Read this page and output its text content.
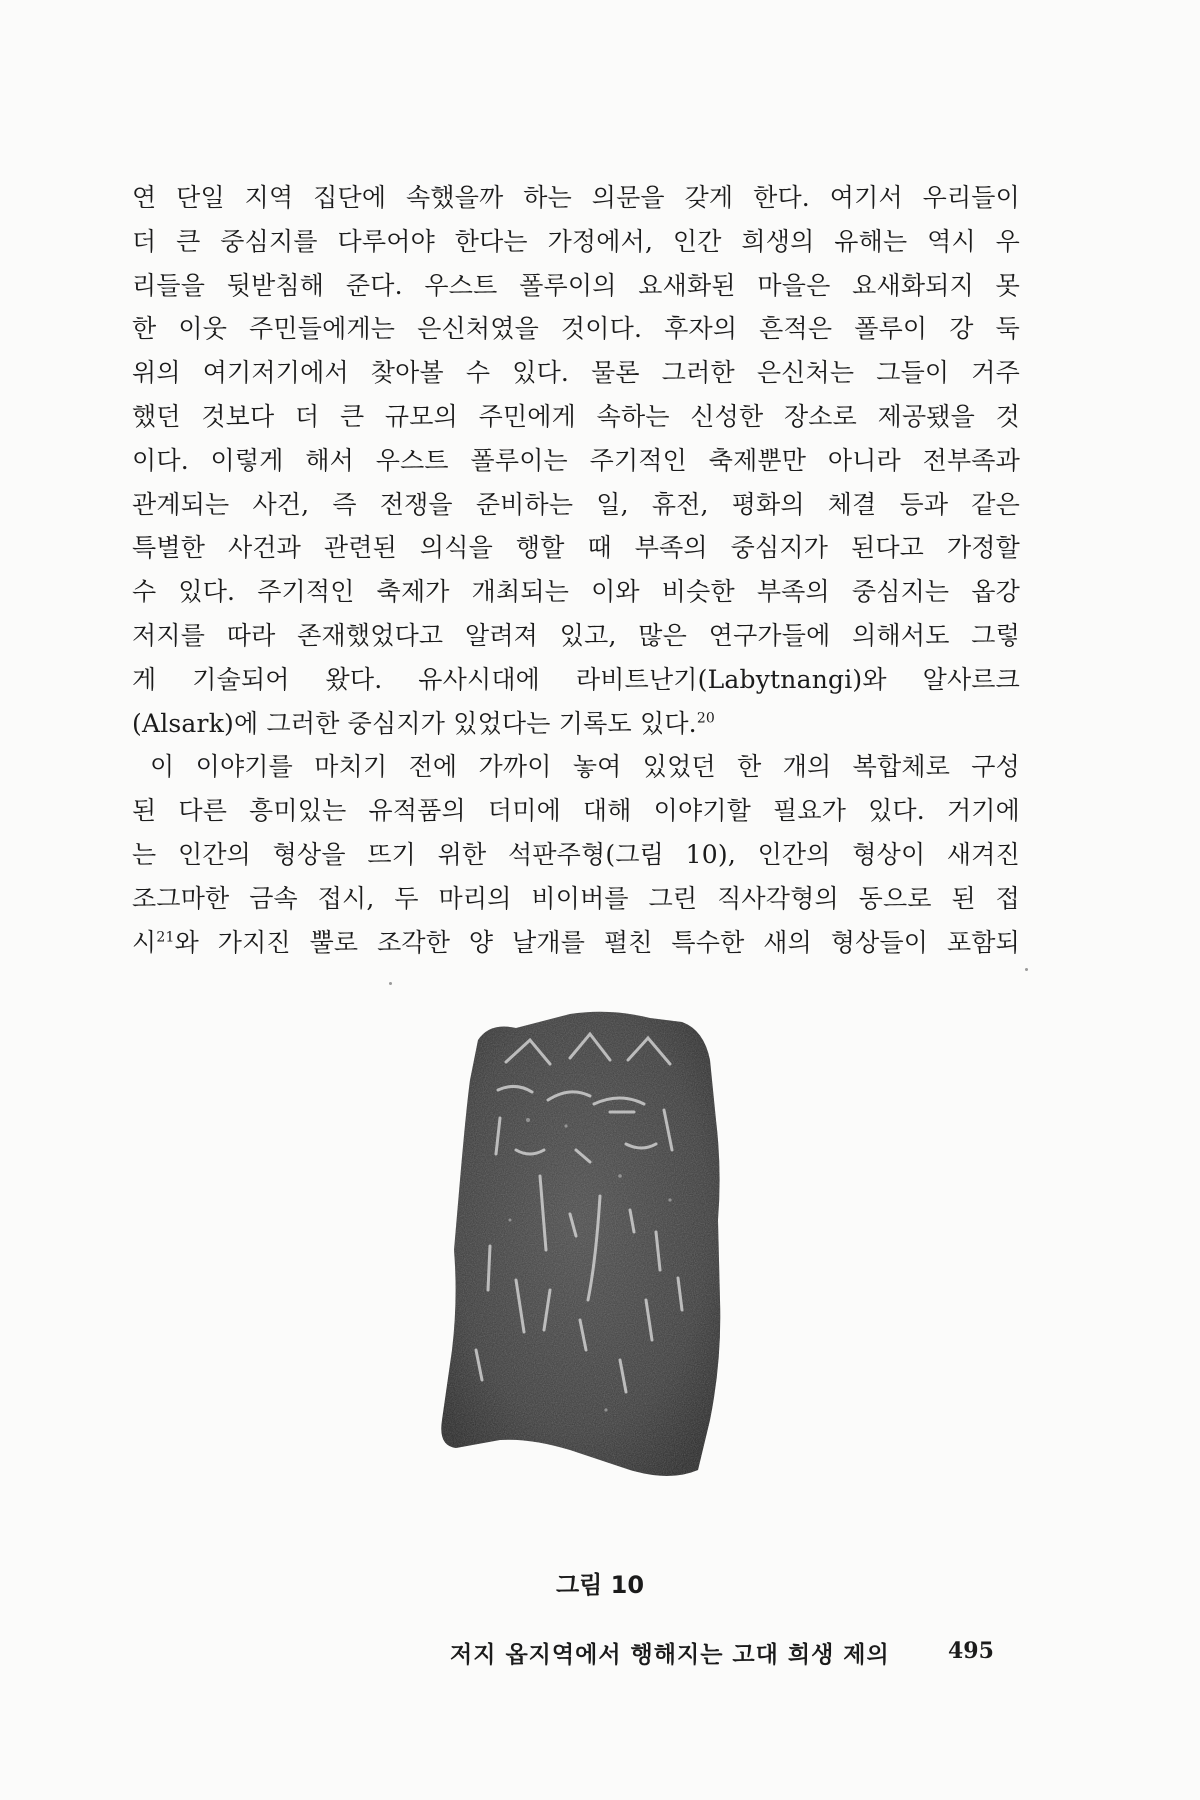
연 단일 지역 집단에 속했을까 하는 의문을 갖게 한다. 여기서 우리들이
더 큰 중심지를 다루어야 한다는 가정에서, 인간 희생의 유해는 역시 우
리들을 뒷받침해 준다. 우스트 폴루이의 요새화된 마을은 요새화되지 못
한 이웃 주민들에게는 은신처였을 것이다. 후자의 흔적은 폴루이 강 둑
위의 여기저기에서 찾아볼 수 있다. 물론 그러한 은신처는 그들이 거주
했던 것보다 더 큰 규모의 주민에게 속하는 신성한 장소로 제공됐을 것
이다. 이렇게 해서 우스트 폴루이는 주기적인 축제뿐만 아니라 전부족과
관계되는 사건, 즉 전쟁을 준비하는 일, 휴전, 평화의 체결 등과 같은
특별한 사건과 관련된 의식을 행할 때 부족의 중심지가 된다고 가정할
수 있다. 주기적인 축제가 개최되는 이와 비슷한 부족의 중심지는 옵강
저지를 따라 존재했었다고 알려져 있고, 많은 연구가들에 의해서도 그렇
게 기술되어 왔다. 유사시대에 라비트난기(Labytnangi)와 알사르크
(Alsark)에 그러한 중심지가 있었다는 기록도 있다.$^{20}$
이 이야기를 마치기 전에 가까이 놓여 있었던 한 개의 복합체로 구성
된 다른 흥미있는 유적품의 더미에 대해 이야기할 필요가 있다. 거기에
는 인간의 형상을 뜨기 위한 석판주형(그림 10), 인간의 형상이 새겨진
조그마한 금속 접시, 두 마리의 비이버를 그린 직사각형의 동으로 된 접
시$^{21}$와 가지진 뿔로 조각한 양 날개를 펼친 특수한 새의 형상들이 포함되
그림 10
저지 옵지역에서 행해지는 고대 희생 제의	495
